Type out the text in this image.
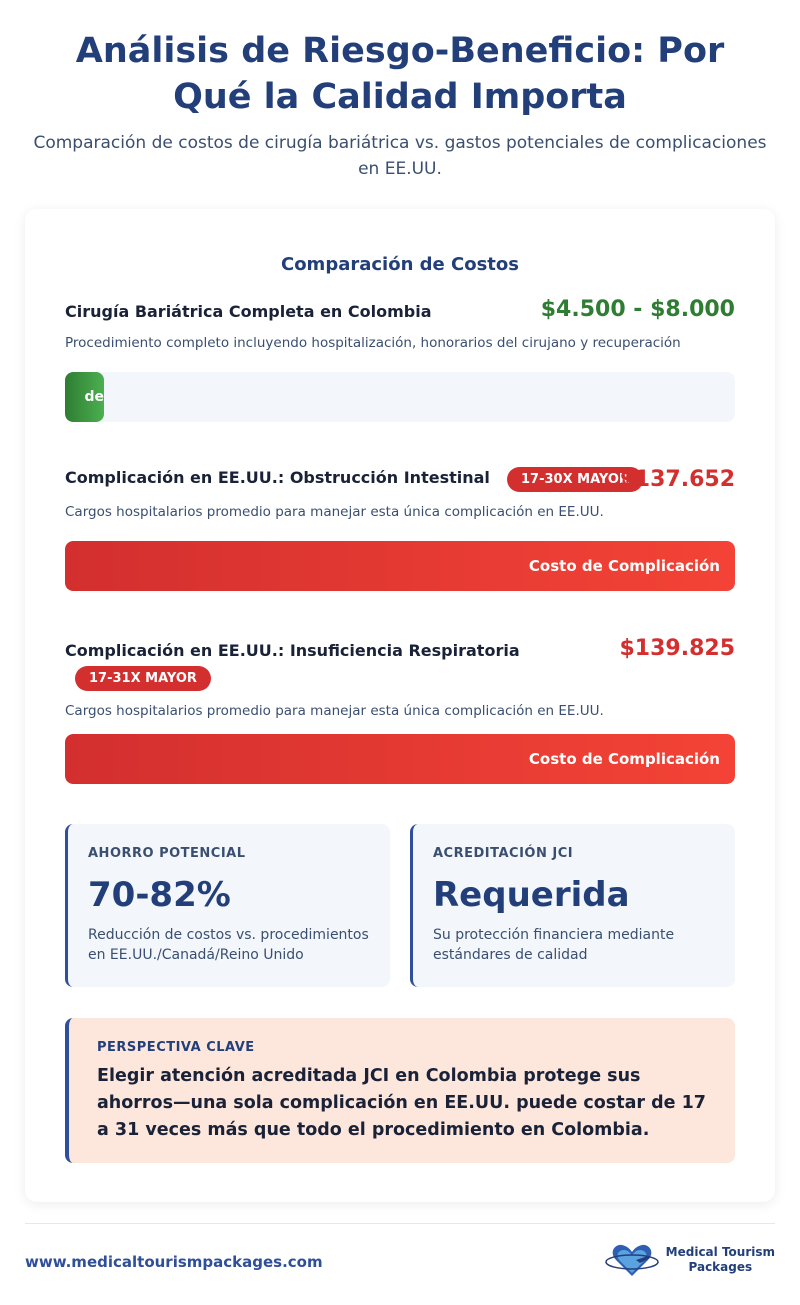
Análisis de Riesgo-Beneficio: Por Qué la Calidad Importa

Comparación de costos de cirugía bariátrica vs. gastos potenciales de complicaciones en EE.UU.

Comparación de Costos
Cirugía Bariátrica Completa en Colombia	$4.500 - $8.000
Procedimiento completo incluyendo hospitalización, honorarios del cirujano y recuperación
de
Complicación en EE.UU.: Obstrucción Intestinal 17-30X MAYOR
$137.652
Cargos hospitalarios promedio para manejar esta única complicación en EE.UU.
Costo de Complicación
Complicación en EE.UU.: Insuficiencia Respiratoria	$139.825
17-31X MAYOR
Cargos hospitalarios promedio para manejar esta única complicación en EE.UU.
Costo de Complicación
AHORRO POTENCIAL
70-82%
Reducción de costos vs. procedimientos en EE.UU./Canadá/Reino Unido
ACREDITACIÓN JCI
Requerida
Su protección financiera mediante estándares de calidad
PERSPECTIVA CLAVE
Elegir atención acreditada JCI en Colombia protege sus ahorros—una sola complicación en EE.UU. puede costar de 17 a 31 veces más que todo el procedimiento en Colombia.
www.medicaltourismpackages.com
Medical Tourism
Packages
